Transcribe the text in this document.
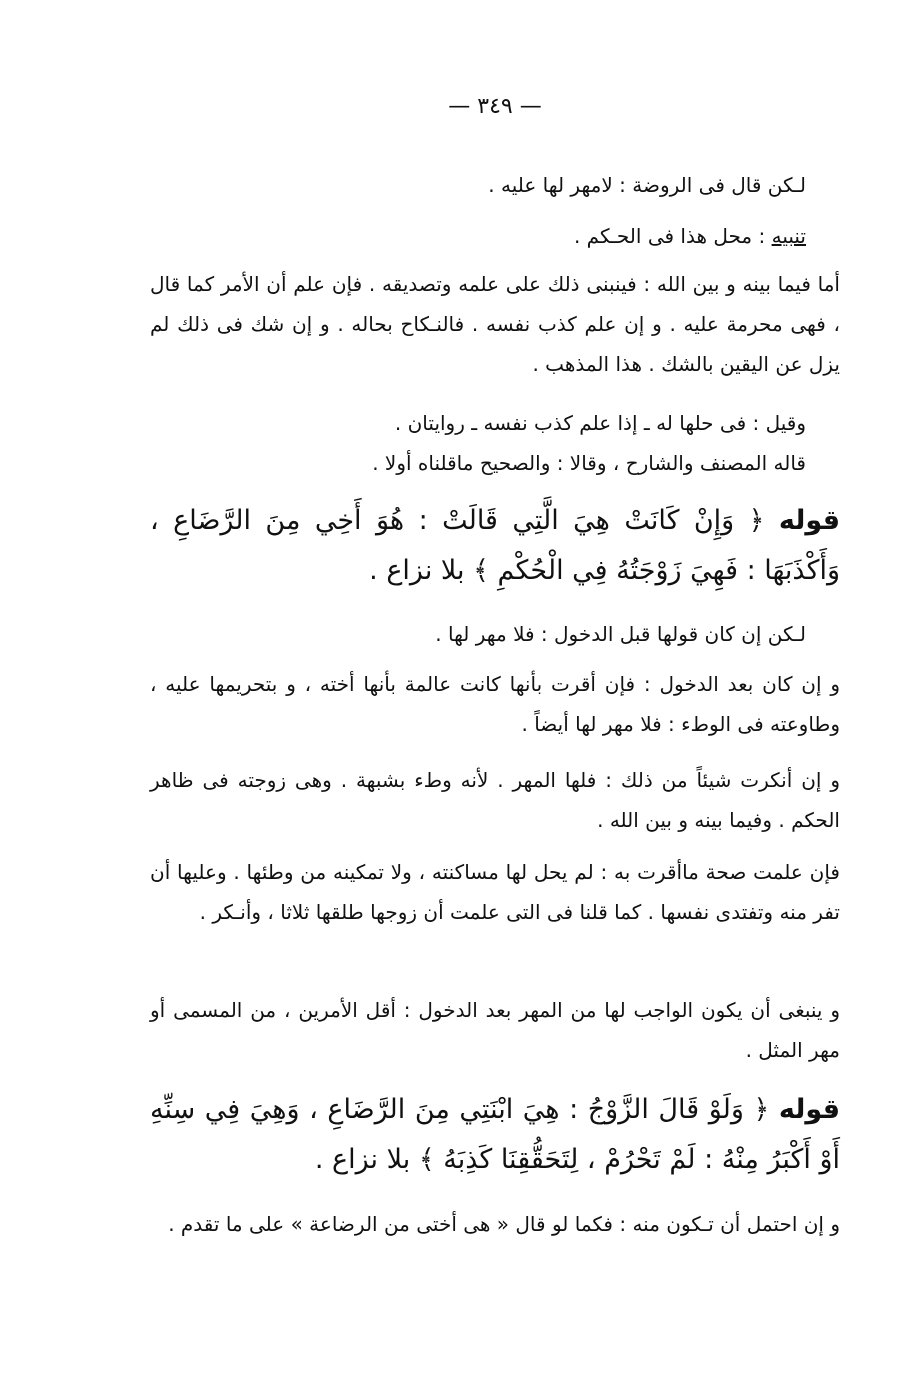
— ٣٤٩ —

لـكن قال فى الروضة : لامهر لها عليه .

تنبيه : محل هذا فى الحـكم .

أما فيما بينه و بين الله : فينبنى ذلك على علمه وتصديقه . فإن علم أن الأمر كما قال ، فهى محرمة عليه . و إن علم كذب نفسه . فالنـكاح بحاله . و إن شك فى ذلك لم يزل عن اليقين بالشك . هذا المذهب .

وقيل : فى حلها له ـ إذا علم كذب نفسه ـ روايتان .

قاله المصنف والشارح ، وقالا : والصحيح ماقلناه أولا .

قوله ﴿ وَإِنْ كَانَتْ هِيَ الَّتِي قَالَتْ : هُوَ أَخِي مِنَ الرَّضَاعِ ، وَأَكْذَبَهَا : فَهِيَ زَوْجَتُهُ فِي الْحُكْمِ ﴾ بلا نزاع .

لـكن إن كان قولها قبل الدخول : فلا مهر لها .

و إن كان بعد الدخول : فإن أقرت بأنها كانت عالمة بأنها أخته ، و بتحريمها عليه ، وطاوعته فى الوطء : فلا مهر لها أيضاً .

و إن أنكرت شيئاً من ذلك : فلها المهر . لأنه وطء بشبهة . وهى زوجته فى ظاهر الحكم . وفيما بينه و بين الله .

فإن علمت صحة ماأقرت به : لم يحل لها مساكنته ، ولا تمكينه من وطئها . وعليها أن تفر منه وتفتدى نفسها . كما قلنا فى التى علمت أن زوجها طلقها ثلاثا ، وأنـكر .

و ينبغى أن يكون الواجب لها من المهر بعد الدخول : أقل الأمرين ، من المسمى أو مهر المثل .

قوله ﴿ وَلَوْ قَالَ الزَّوْجُ : هِيَ ابْنَتِي مِنَ الرَّضَاعِ ، وَهِيَ فِي سِنِّهِ أَوْ أَكْبَرُ مِنْهُ : لَمْ تَحْرُمْ ، لِتَحَقُّقِنَا كَذِبَهُ ﴾ بلا نزاع .

و إن احتمل أن تـكون منه : فكما لو قال « هى أختى من الرضاعة » على ما تقدم .
